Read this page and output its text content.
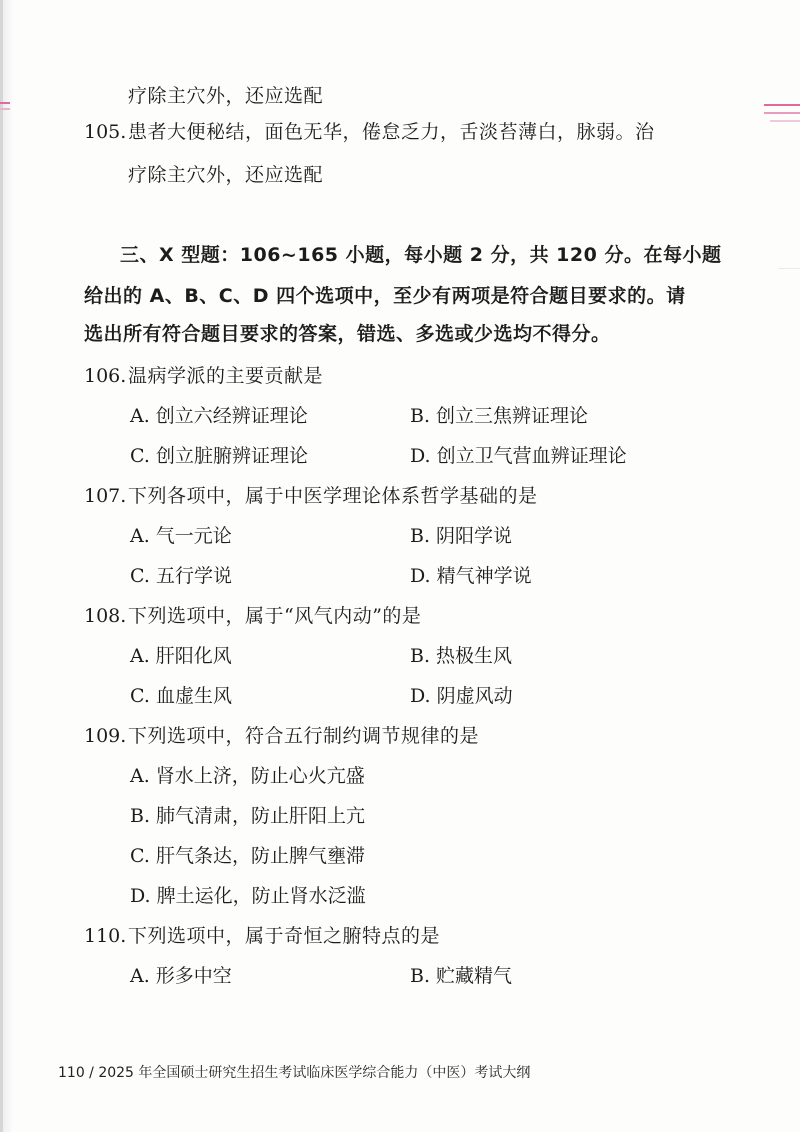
疗除主穴外，还应选配
105. 患者大便秘结，面色无华，倦怠乏力，舌淡苔薄白，脉弱。治
疗除主穴外，还应选配
三、X 型题：106~165 小题，每小题 2 分，共 120 分。在每小题
给出的 A、B、C、D 四个选项中，至少有两项是符合题目要求的。请
选出所有符合题目要求的答案，错选、多选或少选均不得分。
106. 温病学派的主要贡献是
A. 创立六经辨证理论	B. 创立三焦辨证理论
C. 创立脏腑辨证理论	D. 创立卫气营血辨证理论
107. 下列各项中，属于中医学理论体系哲学基础的是
A. 气一元论	B. 阴阳学说
C. 五行学说	D. 精气神学说
108. 下列选项中，属于“风气内动”的是
A. 肝阳化风	B. 热极生风
C. 血虚生风	D. 阴虚风动
109. 下列选项中，符合五行制约调节规律的是
A. 肾水上济，防止心火亢盛
B. 肺气清肃，防止肝阳上亢
C. 肝气条达，防止脾气壅滞
D. 脾土运化，防止肾水泛滥
110. 下列选项中，属于奇恒之腑特点的是
A. 形多中空	B. 贮藏精气
110 / 2025 年全国硕士研究生招生考试临床医学综合能力（中医）考试大纲
